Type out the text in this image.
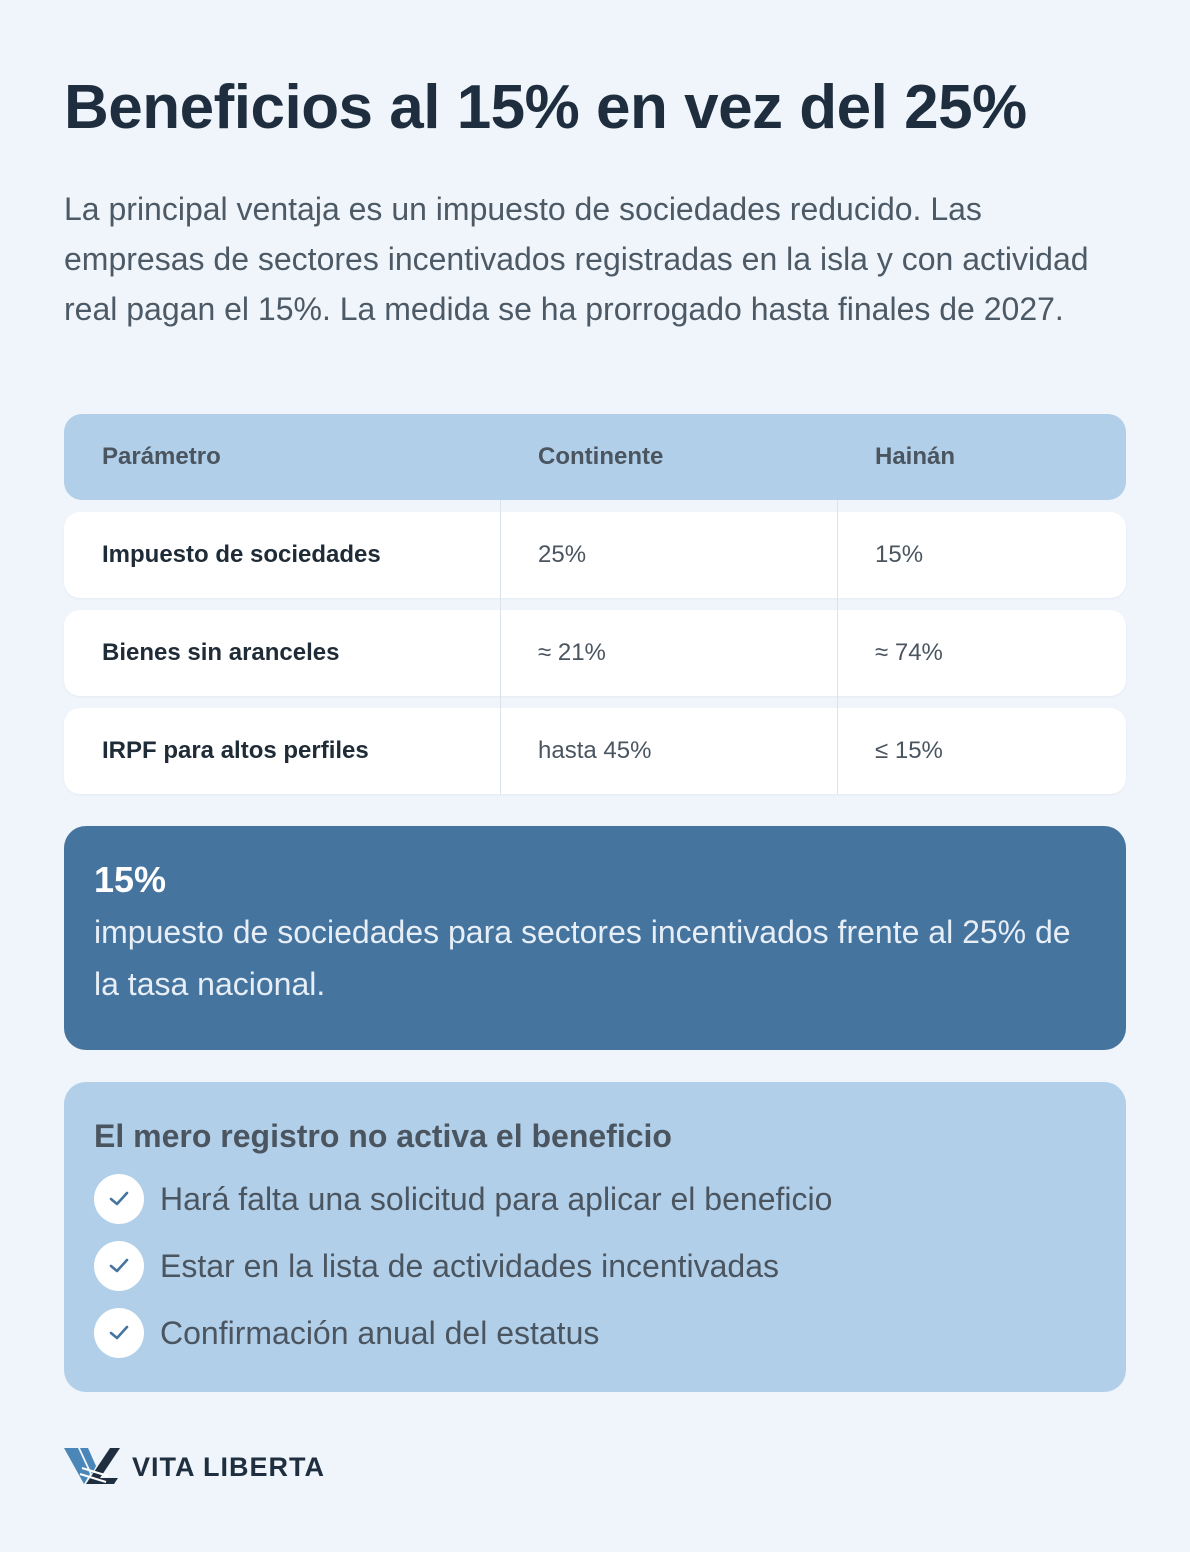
Beneficios al 15% en vez del 25%

La principal ventaja es un impuesto de sociedades reducido. Las empresas de sectores incentivados registradas en la isla y con actividad real pagan el 15%. La medida se ha prorrogado hasta finales de 2027.

Parámetro	Continente	Hainán
Impuesto de sociedades	25%	15%
Bienes sin aranceles	≈ 21%	≈ 74%
IRPF para altos perfiles	hasta 45%	≤ 15%

15%

impuesto de sociedades para sectores incentivados frente al 25% de la tasa nacional.

El mero registro no activa el beneficio

Hará falta una solicitud para aplicar el beneficio
Estar en la lista de actividades incentivadas
Confirmación anual del estatus
VITA LIBERTA
